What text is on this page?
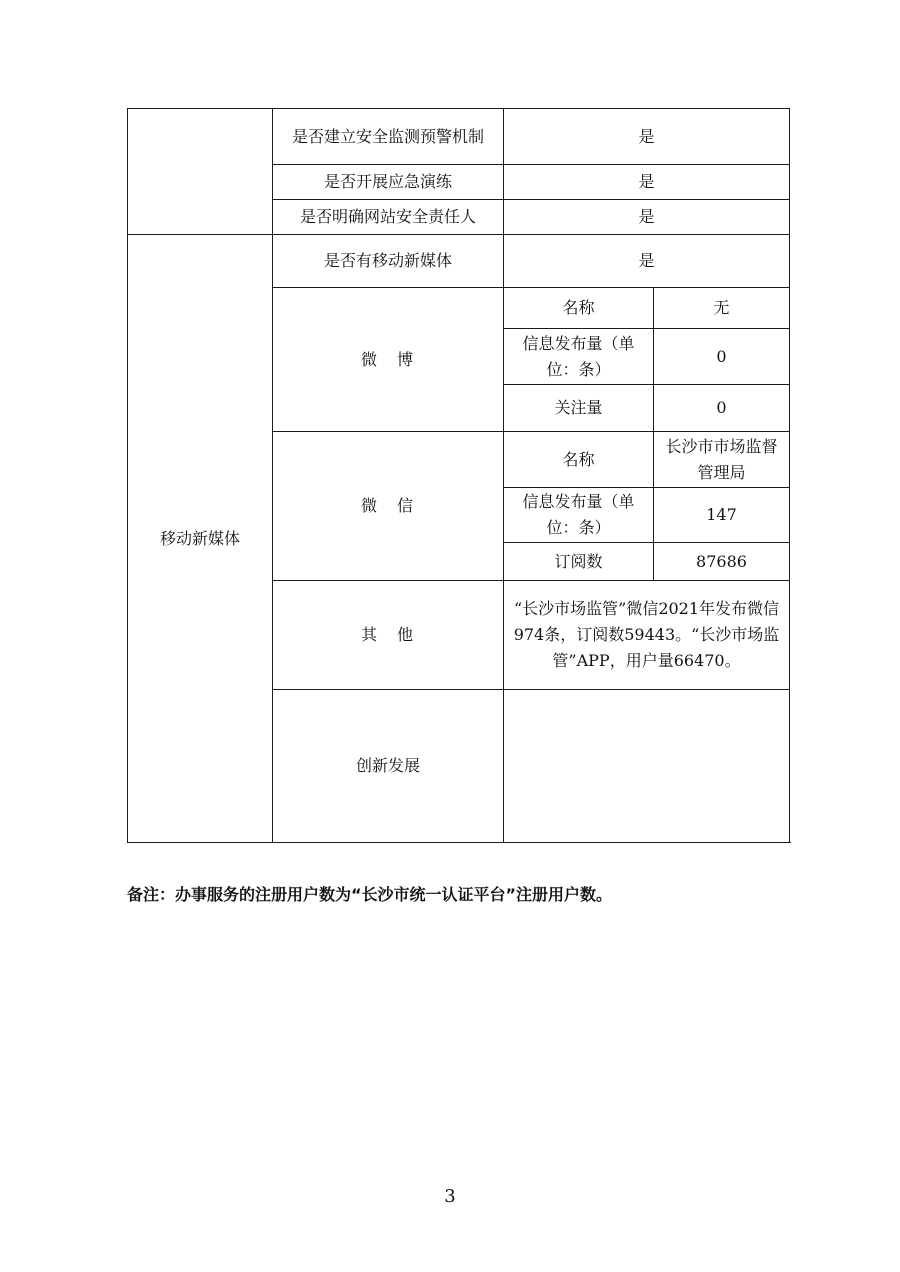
	是否建立安全监测预警机制	是	
	是否开展应急演练	是	
	是否明确网站安全责任人	是	
移动新媒体	是否有移动新媒体	是	
	微　博	名称	无
		信息发布量（单位：条）	0
		关注量	0
	微　信	名称	长沙市市场监督管理局
		信息发布量（单位：条）	147
		订阅数	87686
	其　他	“长沙市场监管”微信2021年发布微信974条，订阅数59443。“长沙市场监管”APP，用户量66470。	
	创新发展		
备注：办事服务的注册用户数为“长沙市统一认证平台”注册用户数。
3
